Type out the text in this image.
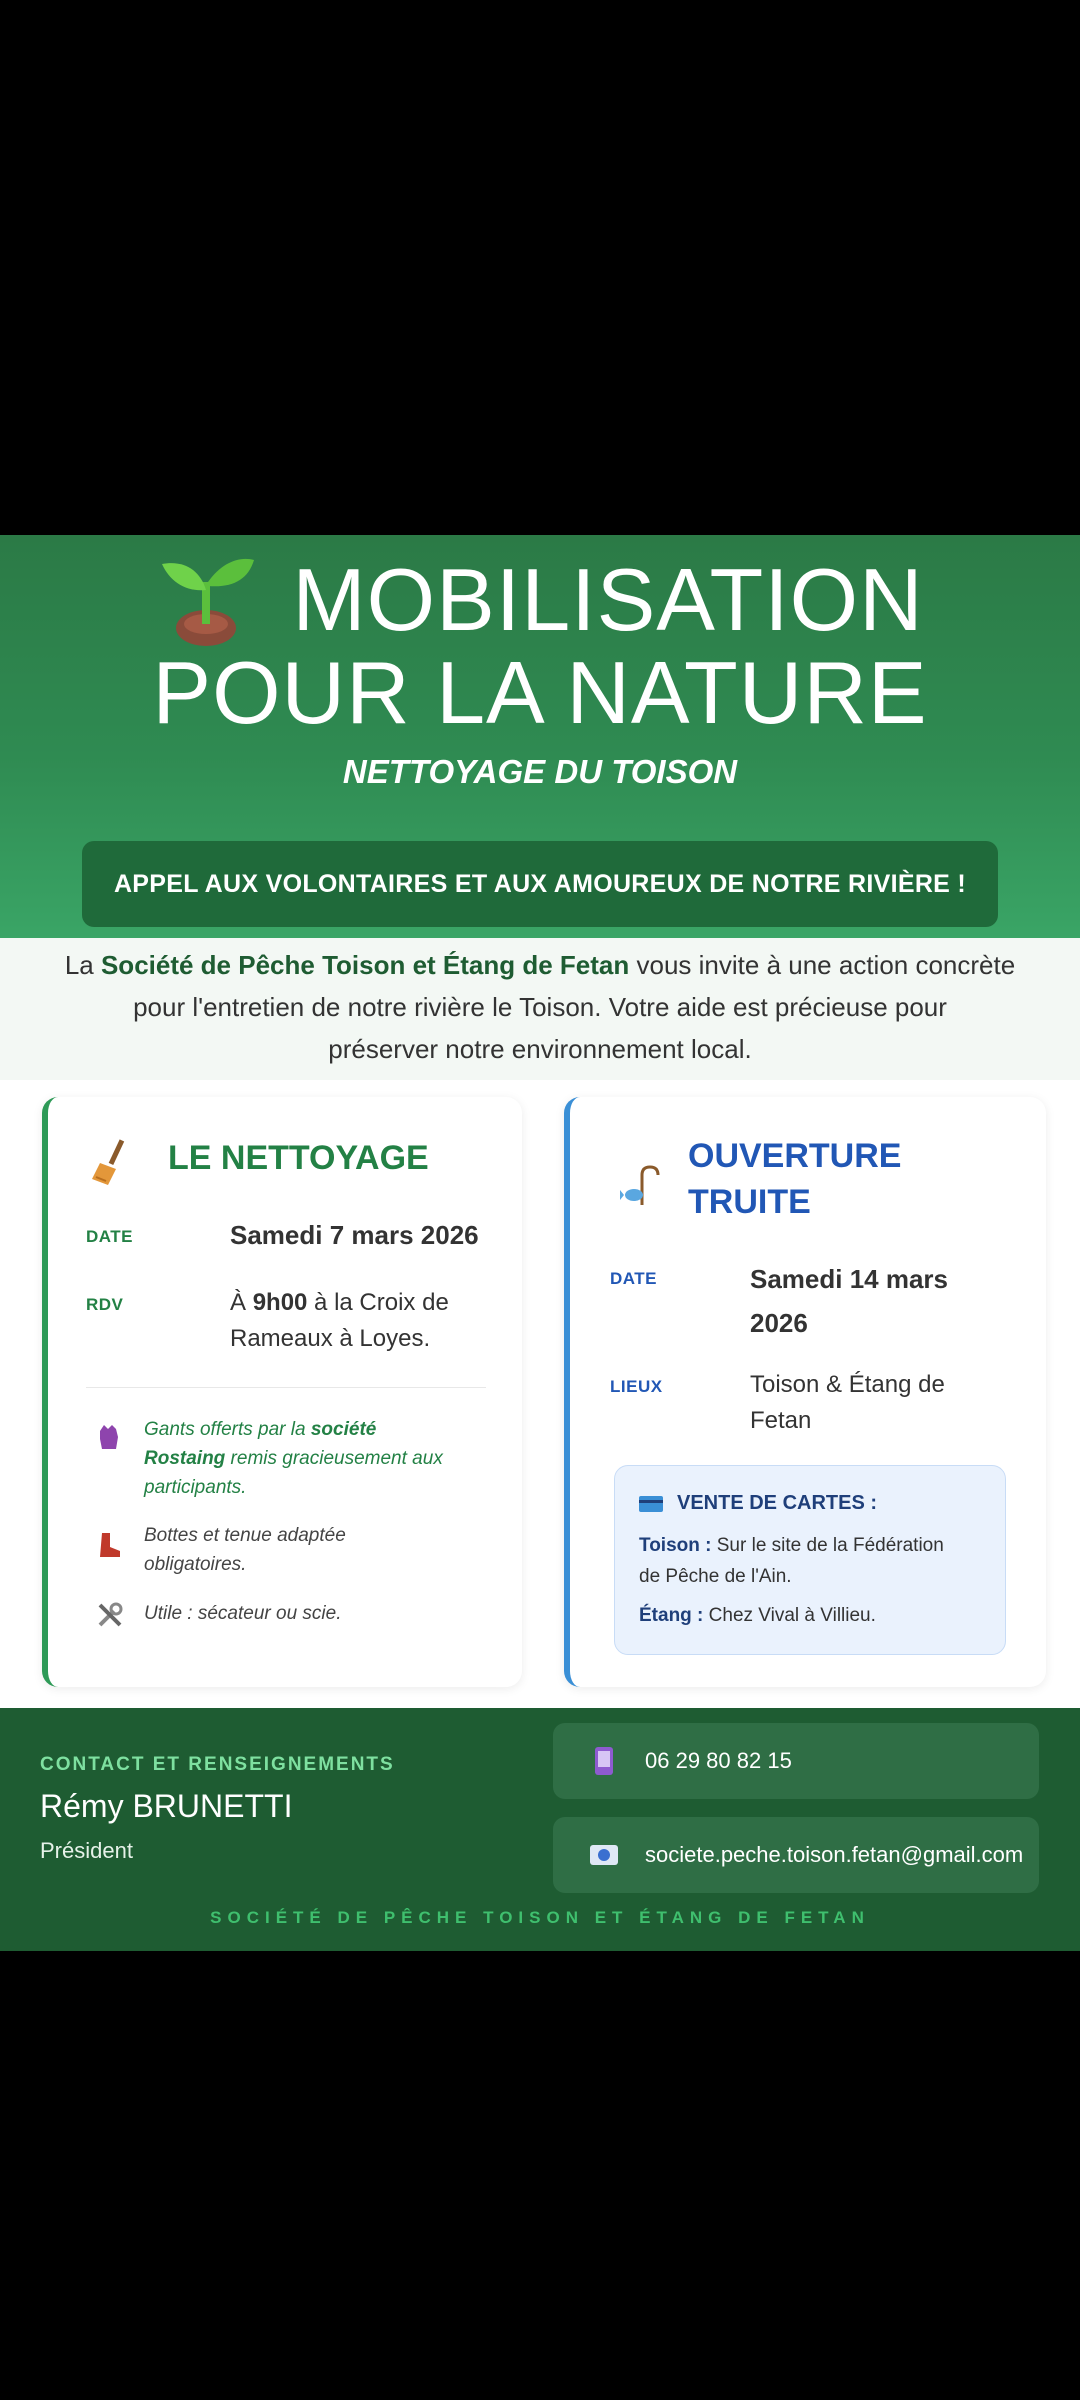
MOBILISATION
POUR LA NATURE
NETTOYAGE DU TOISON
APPEL AUX VOLONTAIRES ET AUX AMOUREUX DE NOTRE RIVIÈRE !
La Société de Pêche Toison et Étang de Fetan vous invite à une action concrète
pour l'entretien de notre rivière le Toison. Votre aide est précieuse pour
préserver notre environnement local.
LE NETTOYAGE
DATE	Samedi 7 mars 2026
RDV	À 9h00 à la Croix de
Rameaux à Loyes.
Gants offerts par la société
Rostaing remis gracieusement aux
participants.
Bottes et tenue adaptée
obligatoires.
Utile : sécateur ou scie.
OUVERTURE
TRUITE
DATE	Samedi 14 mars
2026
LIEUX	Toison & Étang de
Fetan
VENTE DE CARTES :
Toison : Sur le site de la Fédération
de Pêche de l'Ain.
Étang : Chez Vival à Villieu.
CONTACT ET RENSEIGNEMENTS
Rémy BRUNETTI
Président
06 29 80 82 15
societe.peche.toison.fetan@gmail.com
SOCIÉTÉ DE PÊCHE TOISON ET ÉTANG DE FETAN
